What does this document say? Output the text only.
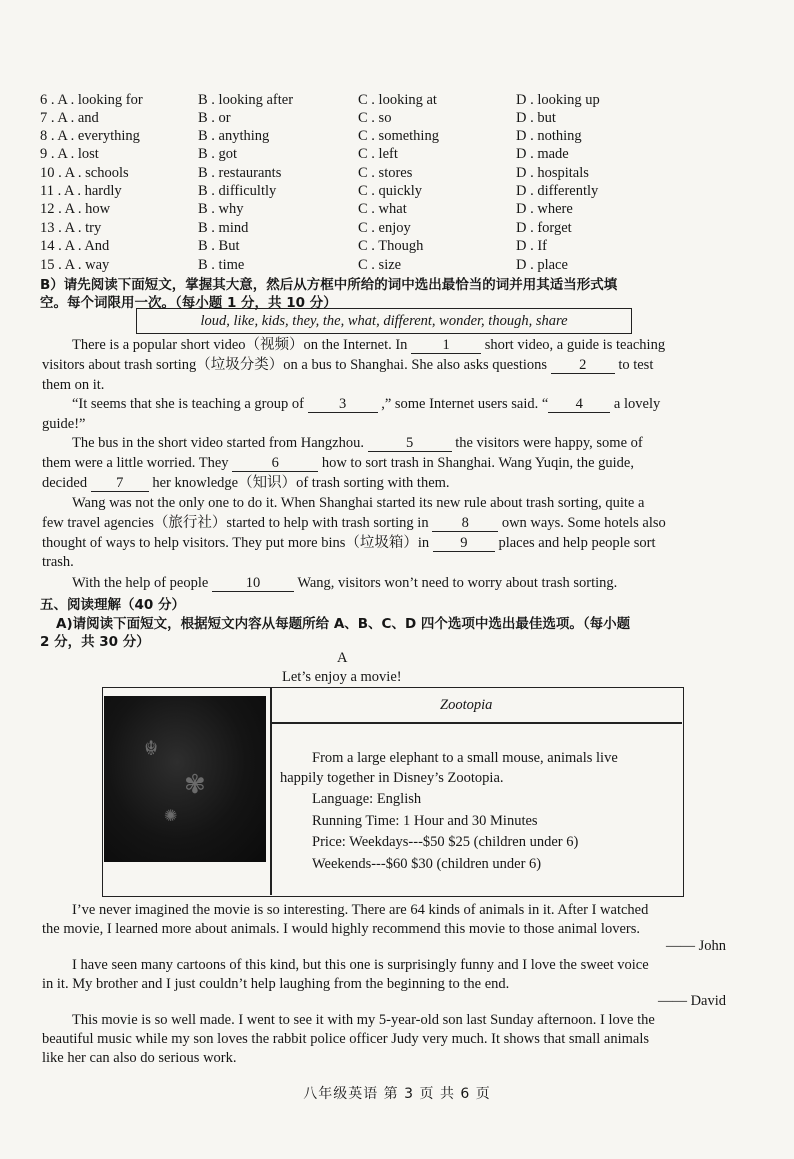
6 . A . looking for	B . looking after	C . looking at	D . looking up
7 . A . and	B . or	C . so	D . but
8 . A . everything	B . anything	C . something	D . nothing
9 . A . lost	B . got	C . left	D . made
10 . A . schools	B . restaurants	C . stores	D . hospitals
11 . A . hardly	B . difficultly	C . quickly	D . differently
12 . A . how	B . why	C . what	D . where
13 . A . try	B . mind	C . enjoy	D . forget
14 . A . And	B . But	C . Though	D . If
15 . A . way	B . time	C . size	D . place
B）请先阅读下面短文，掌握其大意，然后从方框中所给的词中选出最恰当的词并用其适当形式填
空。每个词限用一次。（每小题 1 分，共 10 分）
loud, like, kids, they, the, what, different, wonder, though, share
There is a popular short video（视频）on the Internet. In 1 short video, a guide is teaching
visitors about trash sorting（垃圾分类）on a bus to Shanghai. She also asks questions 2 to test
them on it.
“It seems that she is teaching a group of 3 ,” some Internet users said. “ 4 a lovely
guide!”
The bus in the short video started from Hangzhou.	5	the visitors were happy, some of
them were a little worried. They	6	how to sort trash in Shanghai. Wang Yuqin, the guide,
decided 7 her knowledge（知识）of trash sorting with them.
Wang was not the only one to do it. When Shanghai started its new rule about trash sorting, quite a
few travel agencies（旅行社）started to help with trash sorting in 8 own ways. Some hotels also
thought of ways to help visitors. They put more bins（垃圾箱）in 9 places and help people sort
trash.
With the help of people	10	Wang, visitors won’t need to worry about trash sorting.
五、阅读理解（40 分）
A)请阅读下面短文，根据短文内容从每题所给 A、B、C、D 四个选项中选出最佳选项。（每小题
2 分，共 30 分）
A
Let’s enjoy a movie!
☬
✾
✺
Zootopia
From a large elephant to a small mouse, animals live
happily together in Disney’s Zootopia.
Language: English
Running Time: 1 Hour and 30 Minutes
Price: Weekdays---$50 $25 (children under 6)
Weekends---$60 $30 (children under 6)
I’ve never imagined the movie is so interesting. There are 64 kinds of animals in it. After I watched
the movie, I learned more about animals. I would highly recommend this movie to those animal lovers.
—— John
I have seen many cartoons of this kind, but this one is surprisingly funny and I love the sweet voice
in it. My brother and I just couldn’t help laughing from the beginning to the end.
—— David
This movie is so well made. I went to see it with my 5-year-old son last Sunday afternoon. I love the
beautiful music while my son loves the rabbit police officer Judy very much. It shows that small animals
like her can also do serious work.
八年级英语 第 3 页 共 6 页
